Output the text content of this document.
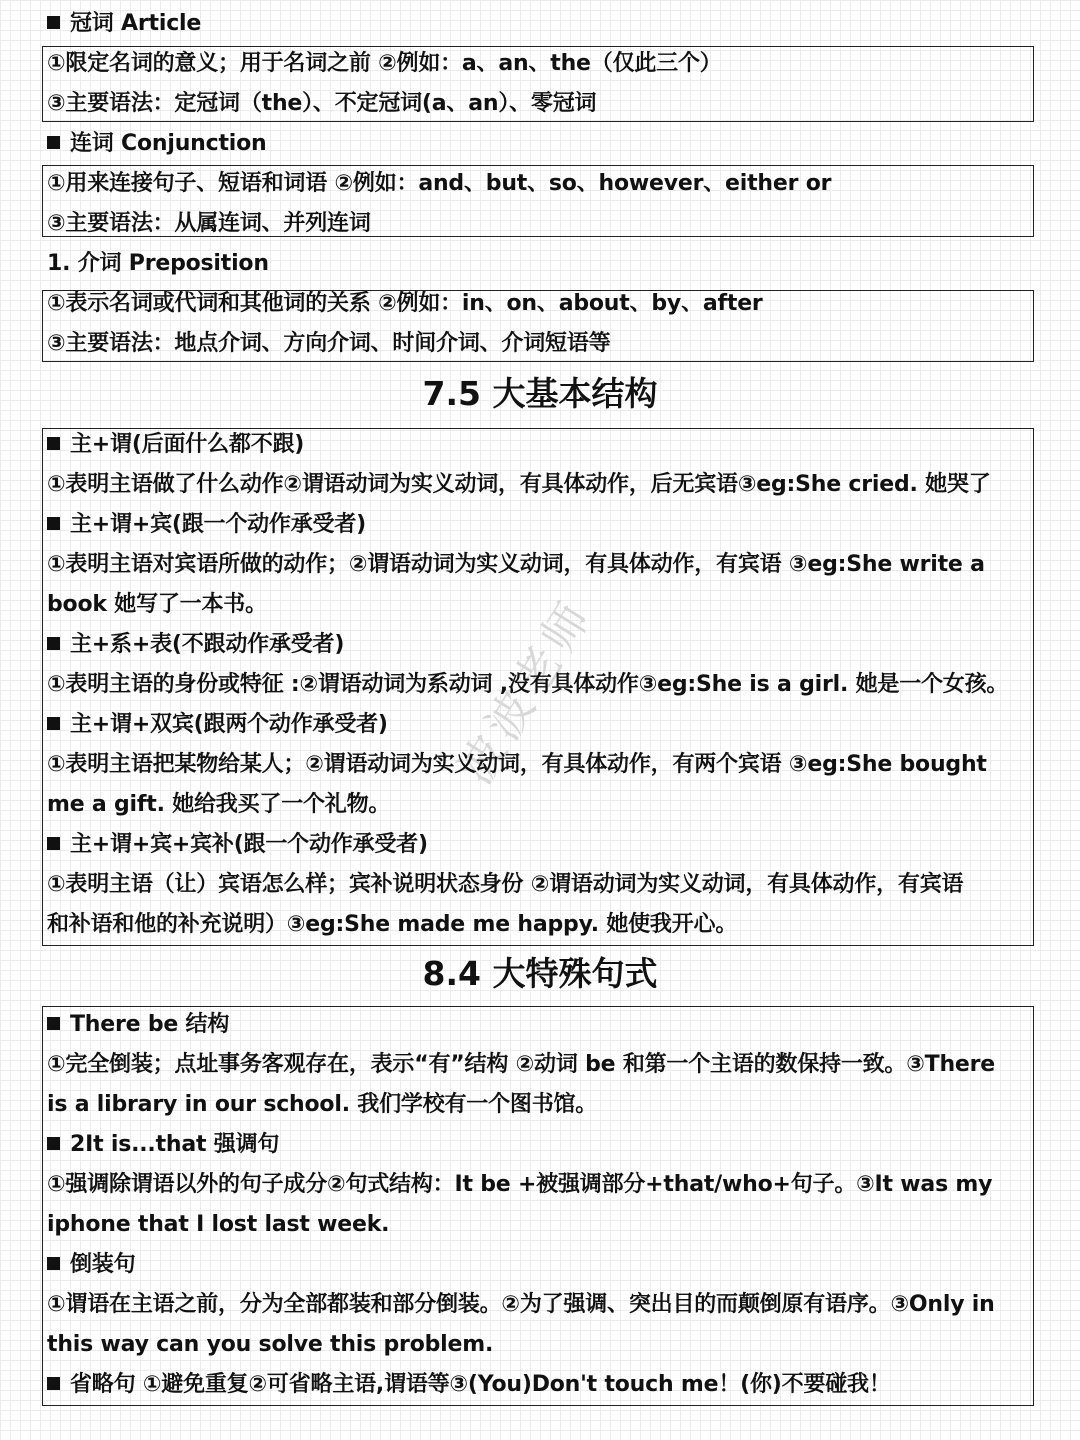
波波老师
冠词 Article
①限定名词的意义；用于名词之前 ②例如：a、an、the（仅此三个）
③主要语法：定冠词（the）、不定冠词(a、an）、零冠词
连词 Conjunction
①用来连接句子、短语和词语 ②例如：and、but、so、however、either or
③主要语法：从属连词、并列连词
1. 介词 Preposition
①表示名词或代词和其他词的关系 ②例如：in、on、about、by、after
③主要语法：地点介词、方向介词、时间介词、介词短语等
7.5 大基本结构
主+谓(后面什么都不跟)
①表明主语做了什么动作②谓语动词为实义动词，有具体动作，后无宾语③eg:She cried. 她哭了
主+谓+宾(跟一个动作承受者)
①表明主语对宾语所做的动作；②谓语动词为实义动词，有具体动作，有宾语 ③eg:She write a
book 她写了一本书。
主+系+表(不跟动作承受者)
①表明主语的身份或特征 :②谓语动词为系动词 ,没有具体动作③eg:She is a girl. 她是一个女孩。
主+谓+双宾(跟两个动作承受者)
①表明主语把某物给某人；②谓语动词为实义动词，有具体动作，有两个宾语 ③eg:She bought
me a gift. 她给我买了一个礼物。
主+谓+宾+宾补(跟一个动作承受者)
①表明主语（让）宾语怎么样；宾补说明状态身份 ②谓语动词为实义动词，有具体动作，有宾语
和补语和他的补充说明）③eg:She made me happy. 她使我开心。
8.4 大特殊句式
There be 结构
①完全倒装；点址事务客观存在，表示“有”结构 ②动词 be 和第一个主语的数保持一致。③There
is a library in our school. 我们学校有一个图书馆。
2It is...that 强调句
①强调除谓语以外的句子成分②句式结构：It be +被强调部分+that/who+句子。③It was my
iphone that I lost last week.
倒装句
①谓语在主语之前，分为全部都装和部分倒装。②为了强调、突出目的而颠倒原有语序。③Only in
this way can you solve this problem.
省略句 ①避免重复②可省略主语,谓语等③(You)Don't touch me！(你)不要碰我！
